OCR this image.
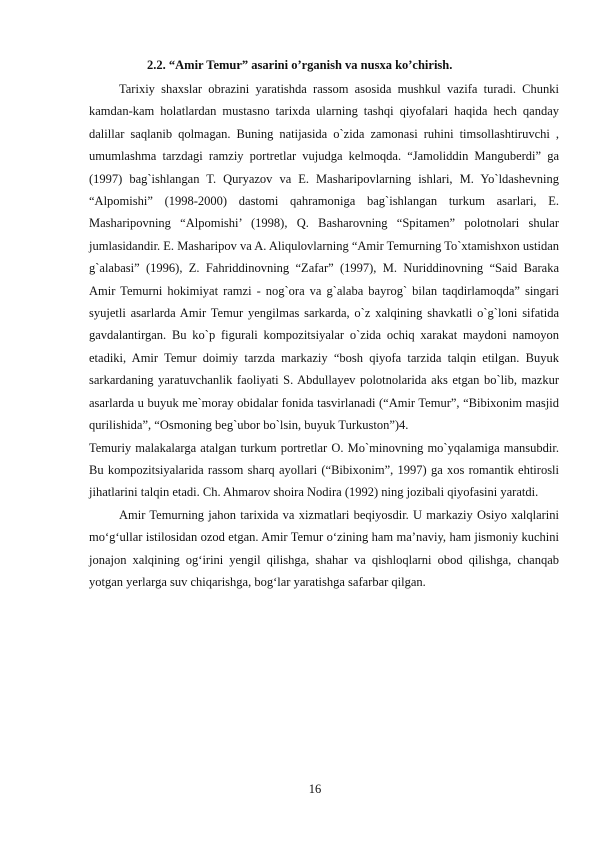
2.2. “Amir Temur” asarini o’rganish va nusxa ko’chirish.

Tarixiy shaxslar obrazini yaratishda rassom asosida mushkul vazifa turadi. Chunki kamdan-kam holatlardan mustasno tarixda ularning tashqi qiyofalari haqida hech qanday dalillar saqlanib qolmagan. Buning natijasida o`zida zamonasi ruhini timsollashtiruvchi , umumlashma tarzdagi ramziy portretlar vujudga kelmoqda. “Jamoliddin Manguberdi” ga (1997) bag`ishlangan T. Quryazov va E. Masharipovlarning ishlari, M. Yo`ldashevning “Alpomishi” (1998-2000) dastomi qahramoniga bag`ishlangan turkum asarlari, E. Masharipovning “Alpomishi’ (1998), Q. Basharovning “Spitamen” polotnolari shular jumlasidandir. E. Masharipov va A. Aliqulovlarning “Amir Temurning To`xtamishxon ustidan g`alabasi” (1996), Z. Fahriddinovning “Zafar” (1997), M. Nuriddinovning “Said Baraka Amir Temurni hokimiyat ramzi - nog`ora va g`alaba bayrog` bilan taqdirlamoqda” singari syujetli asarlarda Amir Temur yengilmas sarkarda, o`z xalqining shavkatli o`g`loni sifatida gavdalantirgan. Bu ko`p figurali kompozitsiyalar o`zida ochiq xarakat maydoni namoyon etadiki, Amir Temur doimiy tarzda markaziy “bosh qiyofa tarzida talqin etilgan. Buyuk sarkardaning yaratuvchanlik faoliyati S. Abdullayev polotnolarida aks etgan bo`lib, mazkur asarlarda u buyuk me`moray obidalar fonida tasvirlanadi (“Amir Temur”, “Bibixonim masjid qurilishida”, “Osmoning beg`ubor bo`lsin, buyuk Turkuston”)4.

Temuriy malakalarga atalgan turkum portretlar O. Mo`minovning mo`yqalamiga mansubdir. Bu kompozitsiyalarida rassom sharq ayollari (“Bibixonim”, 1997) ga xos romantik ehtirosli jihatlarini talqin etadi. Ch. Ahmarov shoira Nodira (1992) ning jozibali qiyofasini yaratdi.

Amir Temurning jahon tarixida va xizmatlari beqiyosdir. U markaziy Osiyo xalqlarini mo‘g‘ullar istilosidan ozod etgan. Amir Temur o‘zining ham ma’naviy, ham jismoniy kuchini jonajon xalqining og‘irini yengil qilishga, shahar va qishloqlarni obod qilishga, chanqab yotgan yerlarga suv chiqarishga, bog‘lar yaratishga safarbar qilgan.

16
